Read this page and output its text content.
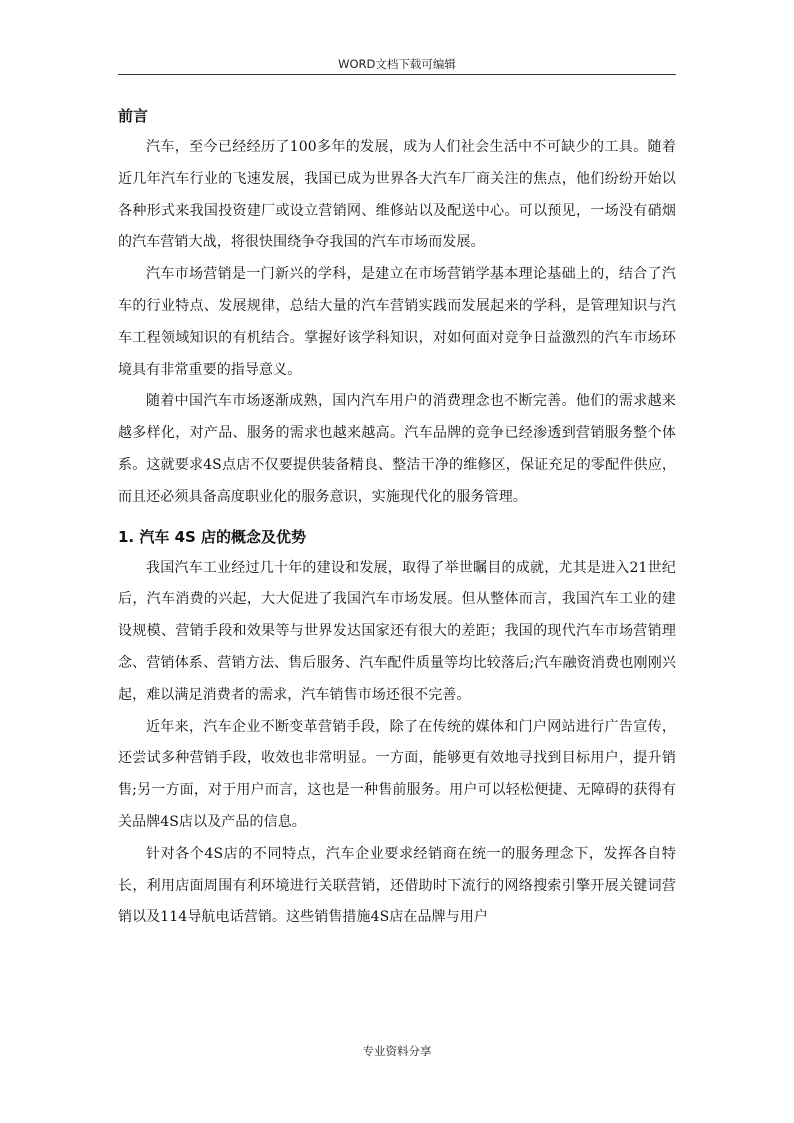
WORD文档下载可编辑
前言

汽车，至今已经经历了100多年的发展，成为人们社会生活中不可缺少的工具。随着近几年汽车行业的飞速发展，我国已成为世界各大汽车厂商关注的焦点，他们纷纷开始以各种形式来我国投资建厂或设立营销网、维修站以及配送中心。可以预见，一场没有硝烟的汽车营销大战，将很快围绕争夺我国的汽车市场而发展。

汽车市场营销是一门新兴的学科，是建立在市场营销学基本理论基础上的，结合了汽车的行业特点、发展规律，总结大量的汽车营销实践而发展起来的学科，是管理知识与汽车工程领域知识的有机结合。掌握好该学科知识，对如何面对竞争日益激烈的汽车市场环境具有非常重要的指导意义。

随着中国汽车市场逐渐成熟，国内汽车用户的消费理念也不断完善。他们的需求越来越多样化，对产品、服务的需求也越来越高。汽车品牌的竞争已经渗透到营销服务整个体系。这就要求4S点店不仅要提供装备精良、整洁干净的维修区，保证充足的零配件供应，而且还必须具备高度职业化的服务意识，实施现代化的服务管理。

1. 汽车 4S 店的概念及优势

我国汽车工业经过几十年的建设和发展，取得了举世瞩目的成就，尤其是进入21世纪后，汽车消费的兴起，大大促进了我国汽车市场发展。但从整体而言，我国汽车工业的建设规模、营销手段和效果等与世界发达国家还有很大的差距；我国的现代汽车市场营销理念、营销体系、营销方法、售后服务、汽车配件质量等均比较落后;汽车融资消费也刚刚兴起，难以满足消费者的需求，汽车销售市场还很不完善。

近年来，汽车企业不断变革营销手段，除了在传统的媒体和门户网站进行广告宣传，还尝试多种营销手段，收效也非常明显。一方面，能够更有效地寻找到目标用户，提升销售;另一方面，对于用户而言，这也是一种售前服务。用户可以轻松便捷、无障碍的获得有关品牌4S店以及产品的信息。

针对各个4S店的不同特点，汽车企业要求经销商在统一的服务理念下，发挥各自特长，利用店面周围有利环境进行关联营销，还借助时下流行的网络搜索引擎开展关键词营销以及114导航电话营销。这些销售措施4S店在品牌与用户

专业资料分享
